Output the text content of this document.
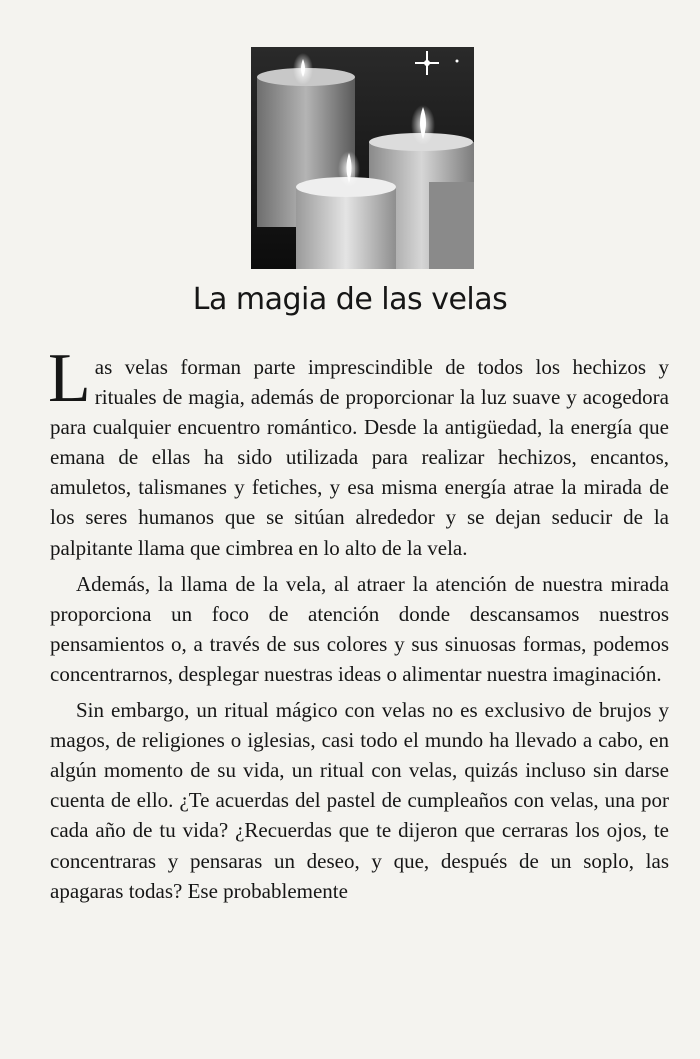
La magia de las velas

Las velas forman parte imprescindible de todos los hechizos y rituales de magia, además de proporcionar la luz suave y acogedora para cualquier encuentro romántico. Desde la antigüedad, la energía que emana de ellas ha sido utilizada para realizar hechizos, encantos, amuletos, talismanes y fetiches, y esa misma energía atrae la mirada de los seres humanos que se sitúan alrededor y se dejan seducir de la palpitante llama que cimbrea en lo alto de la vela.

Además, la llama de la vela, al atraer la atención de nuestra mirada proporciona un foco de atención donde descansamos nuestros pensamientos o, a través de sus colores y sus sinuosas formas, podemos concentrarnos, desplegar nuestras ideas o alimentar nuestra imaginación.

Sin embargo, un ritual mágico con velas no es exclusivo de brujos y magos, de religiones o iglesias, casi todo el mundo ha llevado a cabo, en algún momento de su vida, un ritual con velas, quizás incluso sin darse cuenta de ello. ¿Te acuerdas del pastel de cumpleaños con velas, una por cada año de tu vida? ¿Recuerdas que te dijeron que cerraras los ojos, te concentraras y pensaras un deseo, y que, después de un soplo, las apagaras todas? Ese probablemente
